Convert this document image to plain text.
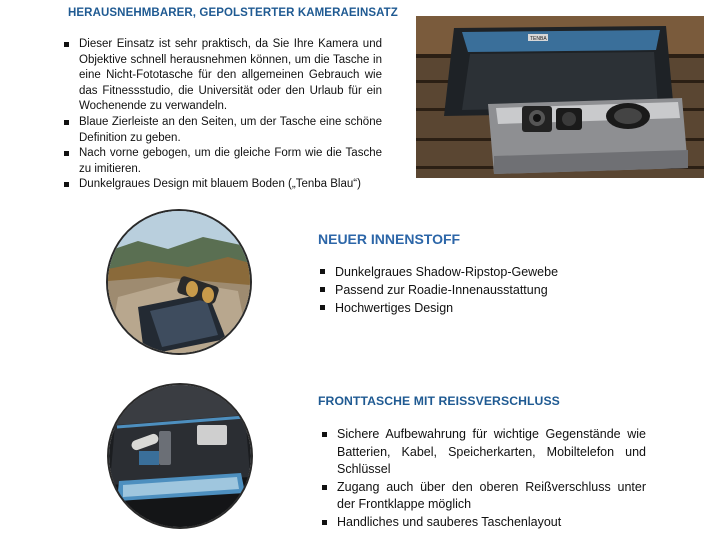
HERAUSNEHMBARER, GEPOLSTERTER KAMERAEINSATZ
Dieser Einsatz ist sehr praktisch, da Sie Ihre Kamera und Objektive schnell herausnehmen können, um die Tasche in eine Nicht-Fototasche für den allgemeinen Gebrauch wie das Fitnessstudio, die Universität oder den Urlaub für ein Wochenende zu verwandeln.
Blaue Zierleiste an den Seiten, um der Tasche eine schöne Definition zu geben.
Nach vorne gebogen, um die gleiche Form wie die Tasche zu imitieren.
Dunkelgraues Design mit blauem Boden („Tenba Blau“)
TENBA
NEUER INNENSTOFF
Dunkelgraues Shadow-Ripstop-Gewebe
Passend zur Roadie-Innenausstattung
Hochwertiges Design
FRONTTASCHE MIT REISSVERSCHLUSS
Sichere Aufbewahrung für wichtige Gegenstände wie Batterien, Kabel, Speicherkarten, Mobiltelefon und Schlüssel
Zugang auch über den oberen Reißverschluss unter der Frontklappe möglich
Handliches und sauberes Taschenlayout
